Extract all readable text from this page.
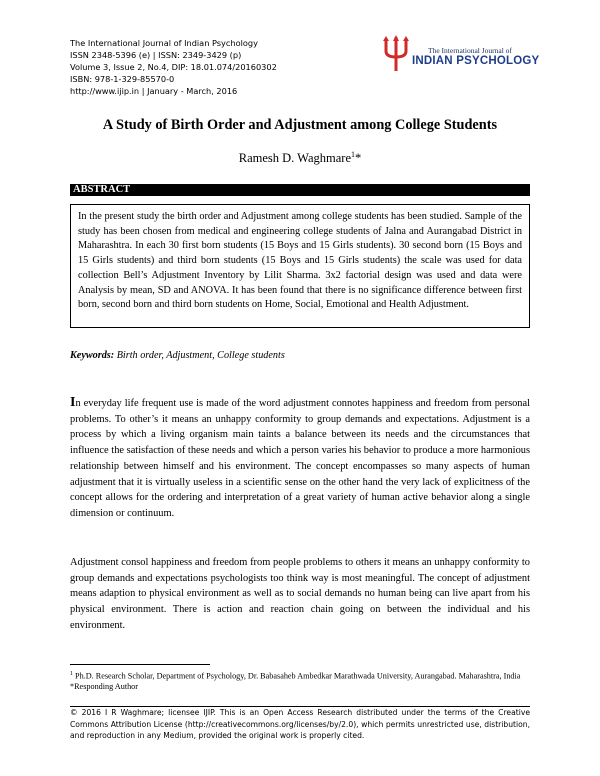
The International Journal of Indian Psychology
ISSN 2348-5396 (e) | ISSN: 2349-3429 (p)
Volume 3, Issue 2, No.4, DIP: 18.01.074/20160302
ISBN: 978-1-329-85570-0
http://www.ijip.in | January - March, 2016
The International Journal of
INDIAN PSYCHOLOGY
A Study of Birth Order and Adjustment among College Students
Ramesh D. Waghmare$^1$*
ABSTRACT
In the present study the birth order and Adjustment among college students has been studied. Sample of the study has been chosen from medical and engineering college students of Jalna and Aurangabad District in Maharashtra. In each 30 first born students (15 Boys and 15 Girls students). 30 second born (15 Boys and 15 Girls students) and third born students (15 Boys and 15 Girls students) the scale was used for data collection Bell’s Adjustment Inventory by Lilit Sharma. 3x2 factorial design was used and data were Analysis by mean, SD and ANOVA. It has been found that there is no significance difference between first born, second born and third born students on Home, Social, Emotional and Health Adjustment.
Keywords: Birth order, Adjustment, College students
In everyday life frequent use is made of the word adjustment connotes happiness and freedom from personal problems. To other’s it means an unhappy conformity to group demands and expectations. Adjustment is a process by which a living organism main taints a balance between its needs and the circumstances that influence the satisfaction of these needs and which a person varies his behavior to produce a more harmonious relationship between himself and his environment. The concept encompasses so many aspects of human adjustment that it is virtually useless in a scientific sense on the other hand the very lack of explicitness of the concept allows for the ordering and interpretation of a great variety of human active behavior along a single dimension or continuum.
Adjustment consol happiness and freedom from people problems to others it means an unhappy conformity to group demands and expectations psychologists too think way is most meaningful. The concept of adjustment means adaption to physical environment as well as to social demands no human being can live apart from his physical environment. There is action and reaction chain going on between the individual and his environment.
$^1$ Ph.D. Research Scholar, Department of Psychology, Dr. Babasaheb Ambedkar Marathwada University, Aurangabad. Maharashtra, India
*Responding Author
© 2016 I R Waghmare; licensee IJIP. This is an Open Access Research distributed under the terms of the Creative Commons Attribution License (http://creativecommons.org/licenses/by/2.0), which permits unrestricted use, distribution, and reproduction in any Medium, provided the original work is properly cited.
